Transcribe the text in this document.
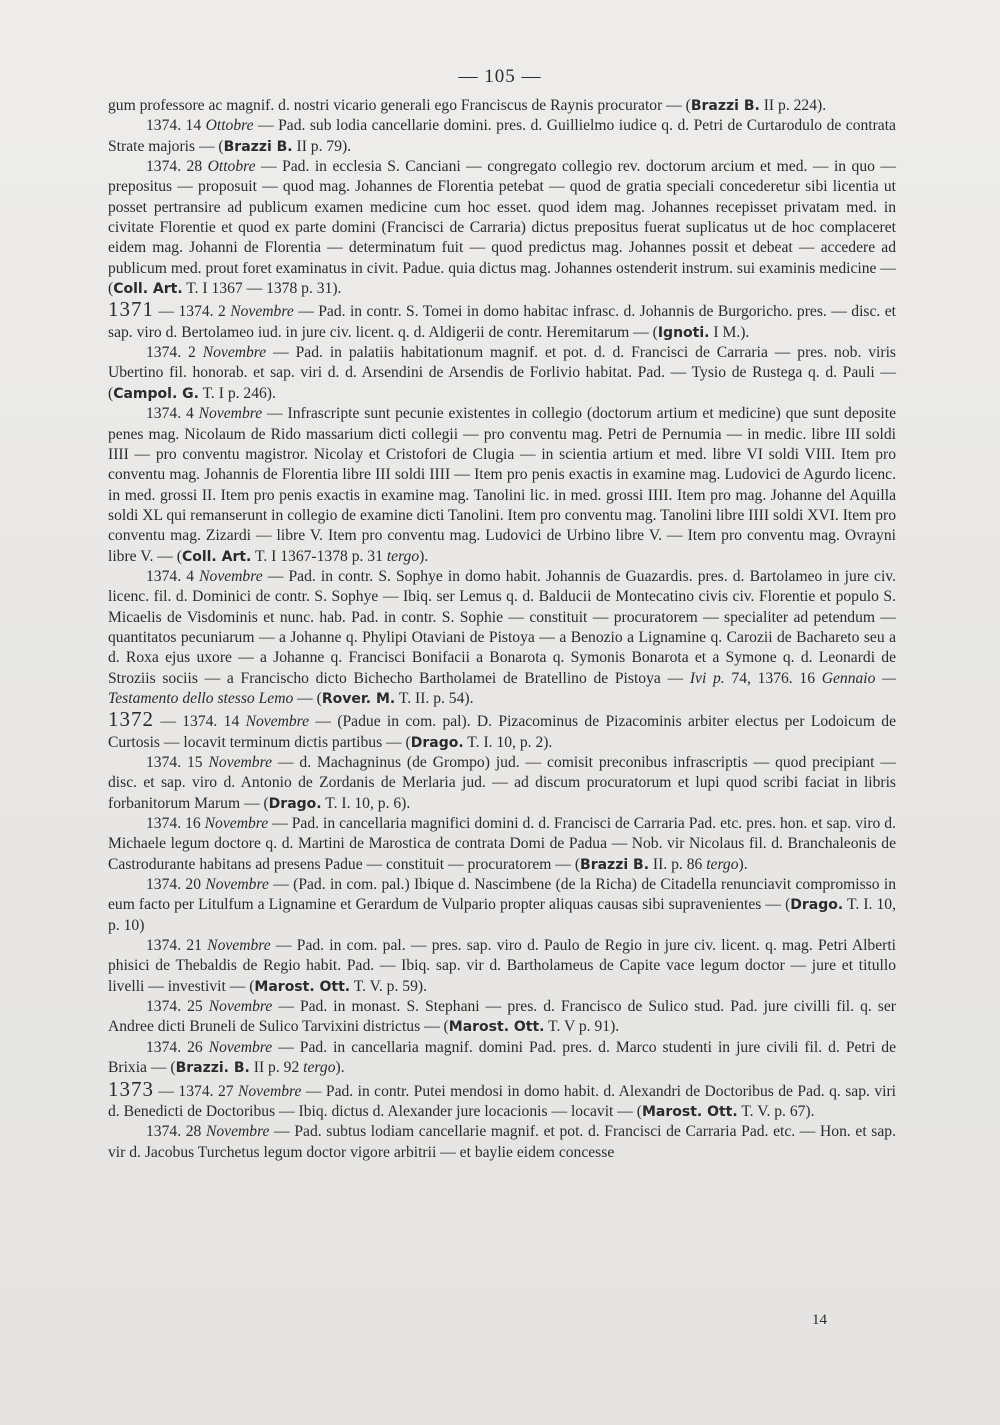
— 105 —

gum professore ac magnif. d. nostri vicario generali ego Franciscus de Raynis procurator — (Brazzi B. II p. 224).

1374. 14 Ottobre — Pad. sub lodia cancellarie domini. pres. d. Guillielmo iudice q. d. Petri de Curtarodulo de contrata Strate majoris — (Brazzi B. II p. 79).

1374. 28 Ottobre — Pad. in ecclesia S. Canciani — congregato collegio rev. doctorum arcium et med. — in quo — prepositus — proposuit — quod mag. Johannes de Florentia petebat — quod de gratia speciali concederetur sibi licentia ut posset pertransire ad publicum examen medicine cum hoc esset. quod idem mag. Johannes recepisset privatam med. in civitate Florentie et quod ex parte domini (Francisci de Carraria) dictus prepositus fuerat suplicatus ut de hoc complaceret eidem mag. Johanni de Florentia — determinatum fuit — quod predictus mag. Johannes possit et debeat — accedere ad publicum med. prout foret examinatus in civit. Padue. quia dictus mag. Johannes ostenderit instrum. sui examinis medicine — (Coll. Art. T. I 1367 — 1378 p. 31).

1371 — 1374. 2 Novembre — Pad. in contr. S. Tomei in domo habitac infrasc. d. Johannis de Burgoricho. pres. — disc. et sap. viro d. Bertolameo iud. in jure civ. licent. q. d. Aldigerii de contr. Heremitarum — (Ignoti. I M.).

1374. 2 Novembre — Pad. in palatiis habitationum magnif. et pot. d. d. Francisci de Carraria — pres. nob. viris Ubertino fil. honorab. et sap. viri d. d. Arsendini de Arsendis de Forlivio habitat. Pad. — Tysio de Rustega q. d. Pauli — (Campol. G. T. I p. 246).

1374. 4 Novembre — Infrascripte sunt pecunie existentes in collegio (doctorum artium et medicine) que sunt deposite penes mag. Nicolaum de Rido massarium dicti collegii — pro conventu mag. Petri de Pernumia — in medic. libre III soldi IIII — pro conventu magistror. Nicolay et Cristofori de Clugia — in scientia artium et med. libre VI soldi VIII. Item pro conventu mag. Johannis de Florentia libre III soldi IIII — Item pro penis exactis in examine mag. Ludovici de Agurdo licenc. in med. grossi II. Item pro penis exactis in examine mag. Tanolini lic. in med. grossi IIII. Item pro mag. Johanne del Aquilla soldi XL qui remanserunt in collegio de examine dicti Tanolini. Item pro conventu mag. Tanolini libre IIII soldi XVI. Item pro conventu mag. Zizardi — libre V. Item pro conventu mag. Ludovici de Urbino libre V. — Item pro conventu mag. Ovrayni libre V. — (Coll. Art. T. I 1367-1378 p. 31 tergo).

1374. 4 Novembre — Pad. in contr. S. Sophye in domo habit. Johannis de Guazardis. pres. d. Bartolameo in jure civ. licenc. fil. d. Dominici de contr. S. Sophye — Ibiq. ser Lemus q. d. Balducii de Montecatino civis civ. Florentie et populo S. Micaelis de Visdominis et nunc. hab. Pad. in contr. S. Sophie — constituit — procuratorem — specialiter ad petendum — quantitatos pecuniarum — a Johanne q. Phylipi Otaviani de Pistoya — a Benozio a Lignamine q. Carozii de Bachareto seu a d. Roxa ejus uxore — a Johanne q. Francisci Bonifacii a Bonarota q. Symonis Bonarota et a Symone q. d. Leonardi de Stroziis sociis — a Francischo dicto Bichecho Bartholamei de Bratellino de Pistoya — Ivi p. 74, 1376. 16 Gennaio — Testamento dello stesso Lemo — (Rover. M. T. II. p. 54).

1372 — 1374. 14 Novembre — (Padue in com. pal). D. Pizacominus de Pizacominis arbiter electus per Lodoicum de Curtosis — locavit terminum dictis partibus — (Drago. T. I. 10, p. 2).

1374. 15 Novembre — d. Machagninus (de Grompo) jud. — comisit preconibus infrascriptis — quod precipiant — disc. et sap. viro d. Antonio de Zordanis de Merlaria jud. — ad discum procuratorum et lupi quod scribi faciat in libris forbanitorum Marum — (Drago. T. I. 10, p. 6).

1374. 16 Novembre — Pad. in cancellaria magnifici domini d. d. Francisci de Carraria Pad. etc. pres. hon. et sap. viro d. Michaele legum doctore q. d. Martini de Marostica de contrata Domi de Padua — Nob. vir Nicolaus fil. d. Branchaleonis de Castrodurante habitans ad presens Padue — constituit — procuratorem — (Brazzi B. II. p. 86 tergo).

1374. 20 Novembre — (Pad. in com. pal.) Ibique d. Nascimbene (de la Richa) de Citadella renunciavit compromisso in eum facto per Litulfum a Lignamine et Gerardum de Vulpario propter aliquas causas sibi supravenientes — (Drago. T. I. 10, p. 10)

1374. 21 Novembre — Pad. in com. pal. — pres. sap. viro d. Paulo de Regio in jure civ. licent. q. mag. Petri Alberti phisici de Thebaldis de Regio habit. Pad. — Ibiq. sap. vir d. Bartholameus de Capite vace legum doctor — jure et titullo livelli — investivit — (Marost. Ott. T. V. p. 59).

1374. 25 Novembre — Pad. in monast. S. Stephani — pres. d. Francisco de Sulico stud. Pad. jure civilli fil. q. ser Andree dicti Bruneli de Sulico Tarvixini districtus — (Marost. Ott. T. V p. 91).

1374. 26 Novembre — Pad. in cancellaria magnif. domini Pad. pres. d. Marco studenti in jure civili fil. d. Petri de Brixia — (Brazzi. B. II p. 92 tergo).

1373 — 1374. 27 Novembre — Pad. in contr. Putei mendosi in domo habit. d. Alexandri de Doctoribus de Pad. q. sap. viri d. Benedicti de Doctoribus — Ibiq. dictus d. Alexander jure locacionis — locavit — (Marost. Ott. T. V. p. 67).

1374. 28 Novembre — Pad. subtus lodiam cancellarie magnif. et pot. d. Francisci de Carraria Pad. etc. — Hon. et sap. vir d. Jacobus Turchetus legum doctor vigore arbitrii — et baylie eidem concesse

14
